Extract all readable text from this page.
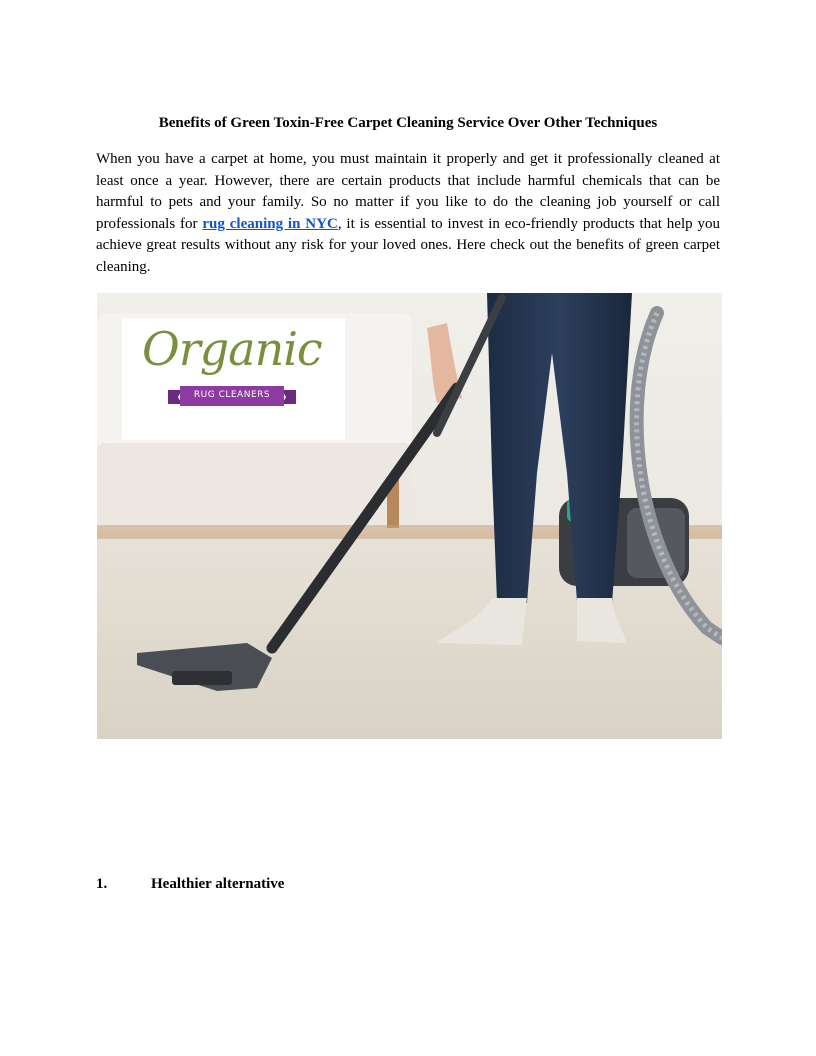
Benefits of Green Toxin-Free Carpet Cleaning Service Over Other Techniques

When you have a carpet at home, you must maintain it properly and get it professionally cleaned at least once a year. However, there are certain products that include harmful chemicals that can be harmful to pets and your family. So no matter if you like to do the cleaning job yourself or call professionals for rug cleaning in NYC, it is essential to invest in eco-friendly products that help you achieve great results without any risk for your loved ones. Here check out the benefits of green carpet cleaning.

Organic
RUG CLEANERS
1.	Healthier alternative
